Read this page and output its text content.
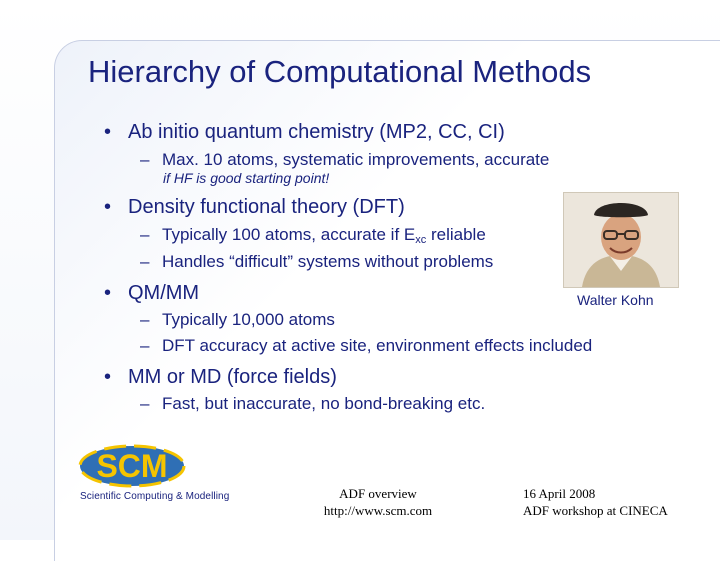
Hierarchy of Computational Methods
• Ab initio quantum chemistry (MP2, CC, CI)
– Max. 10 atoms, systematic improvements, accurate
if HF is good starting point!
• Density functional theory (DFT)
– Typically 100 atoms, accurate if $E_{xc}$ reliable
– Handles “difficult” systems without problems
Walter Kohn
• QM/MM
– Typically 10,000 atoms
– DFT accuracy at active site, environment effects included
• MM or MD (force fields)
– Fast, but inaccurate, no bond-breaking etc.
SCM
Scientific Computing & Modelling	ADF overview
http://www.scm.com
16 April 2008
ADF workshop at CINECA
